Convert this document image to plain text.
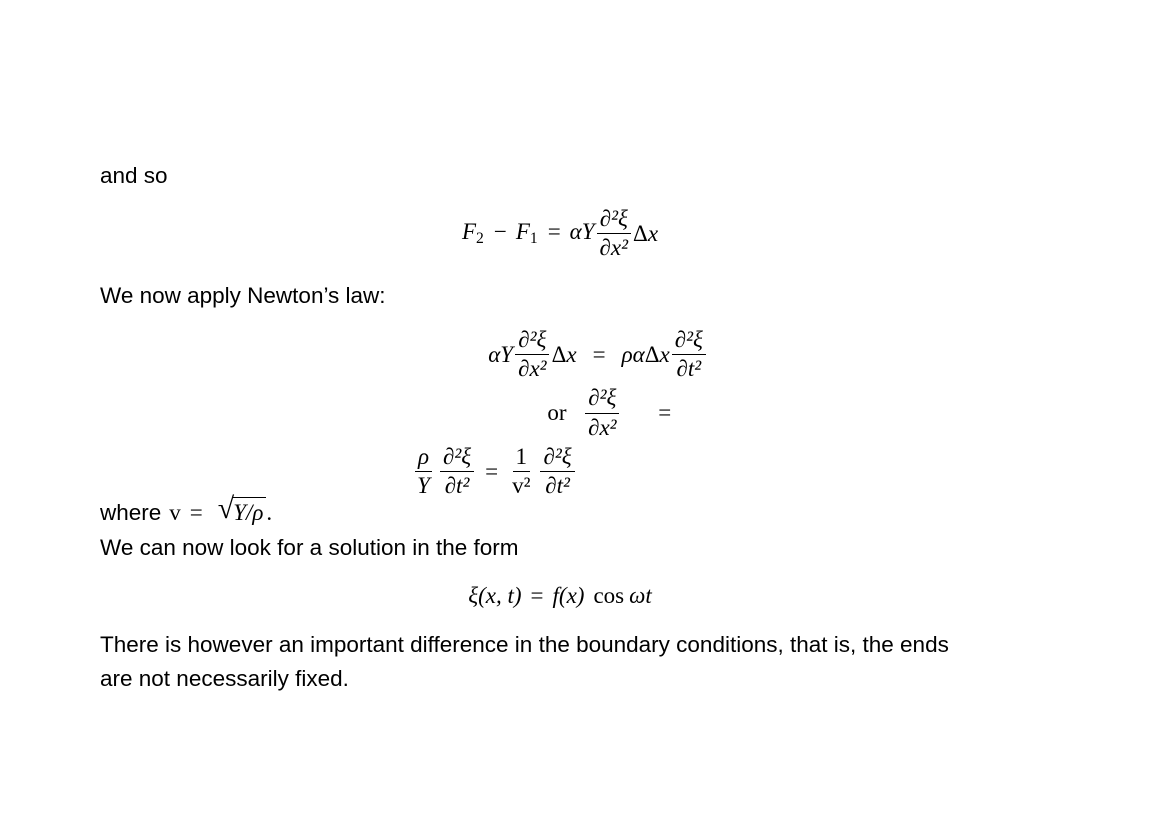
and so
F2 − F1 = αY $\frac{\text{∂²ξ}}{\text{∂x²}}$ Δx
We now apply Newton’s law:
αY $\frac{\text{∂²ξ}}{\text{∂x²}}$ Δx = ραΔx $\frac{\text{∂²ξ}}{\text{∂t²}}$
or $\frac{\text{∂²ξ}}{\text{∂x²}}$	=
$\frac{\rho}{Y} \frac{\text{∂²ξ}}{\text{∂t²}} = \frac{1}{\text{v²}} \frac{\text{∂²ξ}}{\text{∂t²}}$
where v = √ Y/ρ .
We can now look for a solution in the form
ξ(x, t) = f(x) cos ωt
There is however an important difference in the boundary conditions, that is, the ends
are not necessarily fixed.
